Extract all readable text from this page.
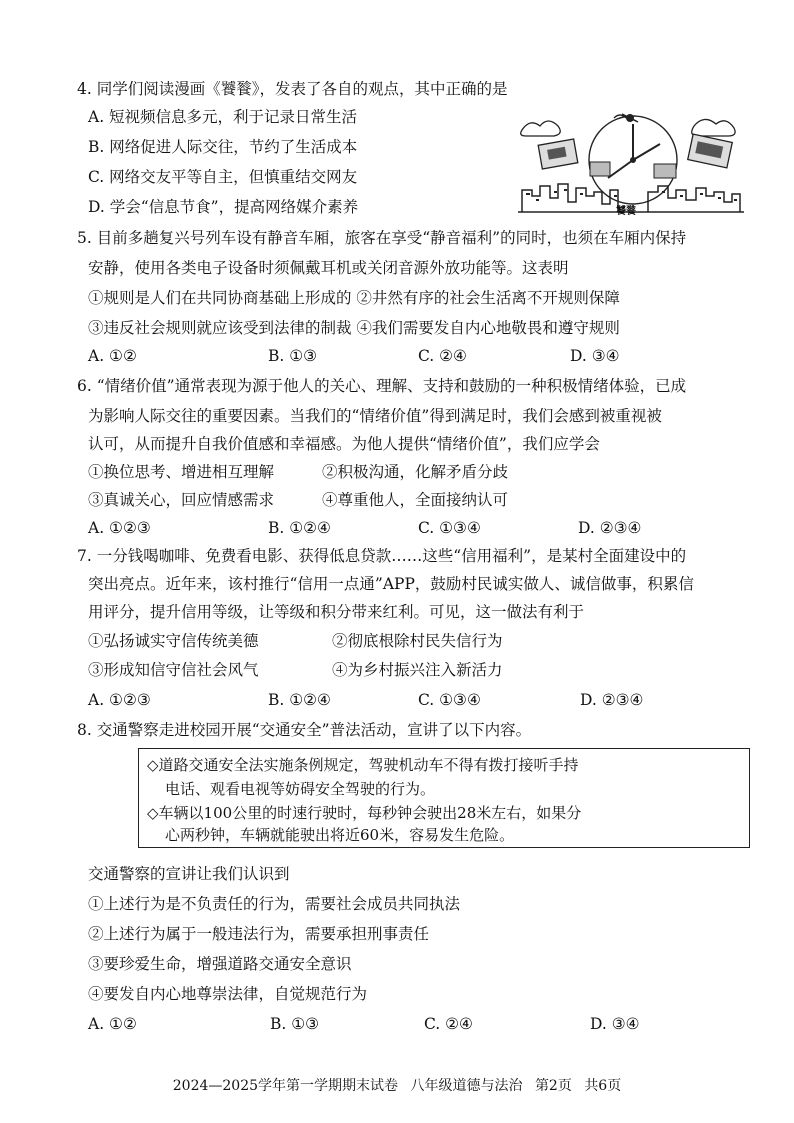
4. 同学们阅读漫画《饕餮》，发表了各自的观点，其中正确的是
A. 短视频信息多元，利于记录日常生活
B. 网络促进人际交往，节约了生活成本
C. 网络交友平等自主，但慎重结交网友
D. 学会“信息节食”，提高网络媒介素养	饕餮
5. 目前多趟复兴号列车设有静音车厢，旅客在享受“静音福利”的同时，也须在车厢内保持
安静，使用各类电子设备时须佩戴耳机或关闭音源外放功能等。这表明
①规则是人们在共同协商基础上形成的 ②井然有序的社会生活离不开规则保障
③违反社会规则就应该受到法律的制裁 ④我们需要发自内心地敬畏和遵守规则
A. ①②	B. ①③	C. ②④	D. ③④
6. “情绪价值”通常表现为源于他人的关心、理解、支持和鼓励的一种积极情绪体验，已成
为影响人际交往的重要因素。当我们的“情绪价值”得到满足时，我们会感到被重视被
认可，从而提升自我价值感和幸福感。为他人提供“情绪价值”，我们应学会
①换位思考、增进相互理解	②积极沟通，化解矛盾分歧
③真诚关心，回应情感需求	④尊重他人，全面接纳认可
A. ①②③	B. ①②④	C. ①③④	D. ②③④
7. 一分钱喝咖啡、免费看电影、获得低息贷款……这些“信用福利”，是某村全面建设中的
突出亮点。近年来，该村推行“信用一点通”APP，鼓励村民诚实做人、诚信做事，积累信
用评分，提升信用等级，让等级和积分带来红利。可见，这一做法有利于
①弘扬诚实守信传统美德	②彻底根除村民失信行为
③形成知信守信社会风气	④为乡村振兴注入新活力
A. ①②③	B. ①②④	C. ①③④	D. ②③④
8. 交通警察走进校园开展“交通安全”普法活动，宣讲了以下内容。
◇道路交通安全法实施条例规定，驾驶机动车不得有拨打接听手持
电话、观看电视等妨碍安全驾驶的行为。
◇车辆以100公里的时速行驶时，每秒钟会驶出28米左右，如果分
心两秒钟，车辆就能驶出将近60米，容易发生危险。
交通警察的宣讲让我们认识到
①上述行为是不负责任的行为，需要社会成员共同执法
②上述行为属于一般违法行为，需要承担刑事责任
③要珍爱生命，增强道路交通安全意识
④要发自内心地尊崇法律，自觉规范行为
A. ①②	B. ①③	C. ②④	D. ③④
2024—2025学年第一学期期末试卷 八年级道德与法治 第2页 共6页
